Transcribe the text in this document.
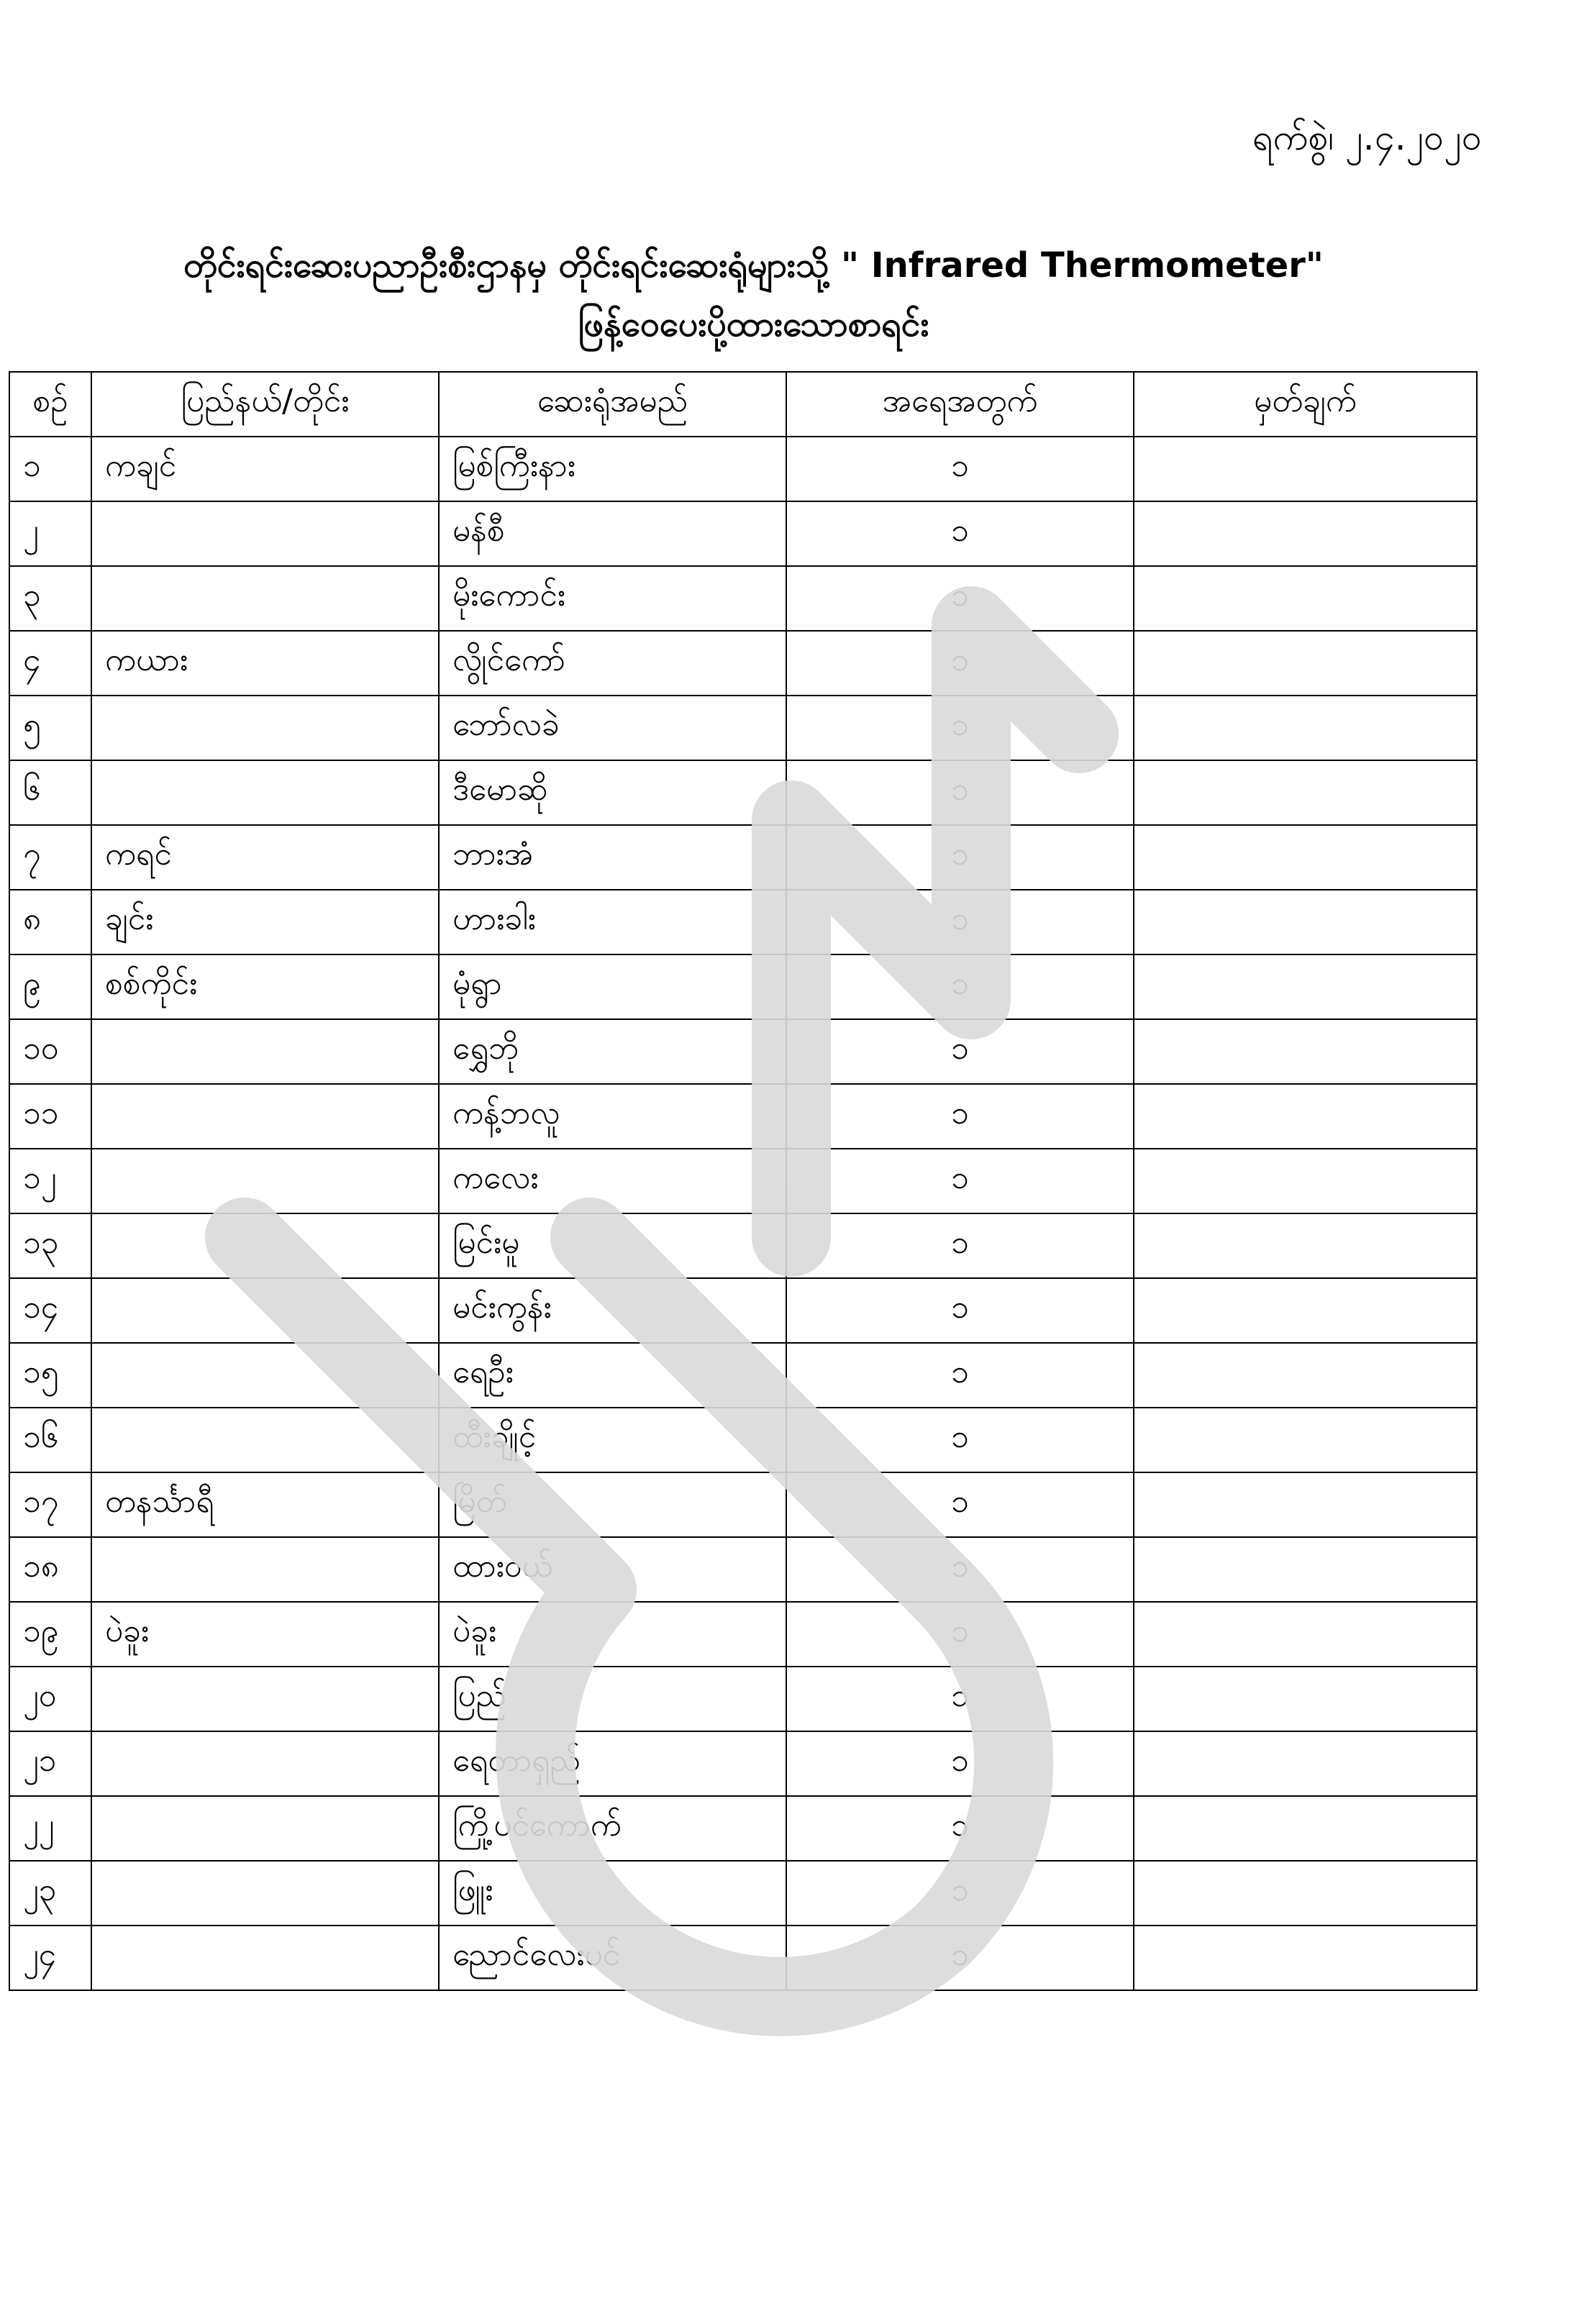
ရက်စွဲ၊ ၂.၄.၂၀၂၀
တိုင်းရင်းဆေးပညာဦးစီးဌာနမှ တိုင်းရင်းဆေးရုံများသို့ " Infrared Thermometer"
ဖြန့်ဝေပေးပို့ထားသောစာရင်း
စဉ်	ပြည်နယ်/တိုင်း	ဆေးရုံအမည်	အရေအတွက်	မှတ်ချက်
၁	ကချင်	မြစ်ကြီးနား	၁	
၂		မန်စီ	၁	
၃		မိုးကောင်း	၁	
၄	ကယား	လွိုင်ကော်	၁	
၅		ဘော်လခဲ	၁	
၆		ဒီမောဆို	၁	
၇	ကရင်	ဘားအံ	၁	
၈	ချင်း	ဟားခါး	၁	
၉	စစ်ကိုင်း	မုံရွာ	၁	
၁၀		ရွှေဘို	၁	
၁၁		ကန့်ဘလူ	၁	
၁၂		ကလေး	၁	
၁၃		မြင်းမူ	၁	
၁၄		မင်းကွန်း	၁	
၁၅		ရေဦး	၁	
၁၆		ထီးချိုင့်	၁	
၁၇	တနင်္သာရီ	မြိတ်	၁	
၁၈		ထားဝယ်	၁	
၁၉	ပဲခူး	ပဲခူး	၁	
၂၀		ပြည်	၁	
၂၁		ရေတာရှည်	၁	
၂၂		ကြို့ပင်ကောက်	၁	
၂၃		ဖြူး	၁	
၂၄		ညောင်လေးပင်	၁	
